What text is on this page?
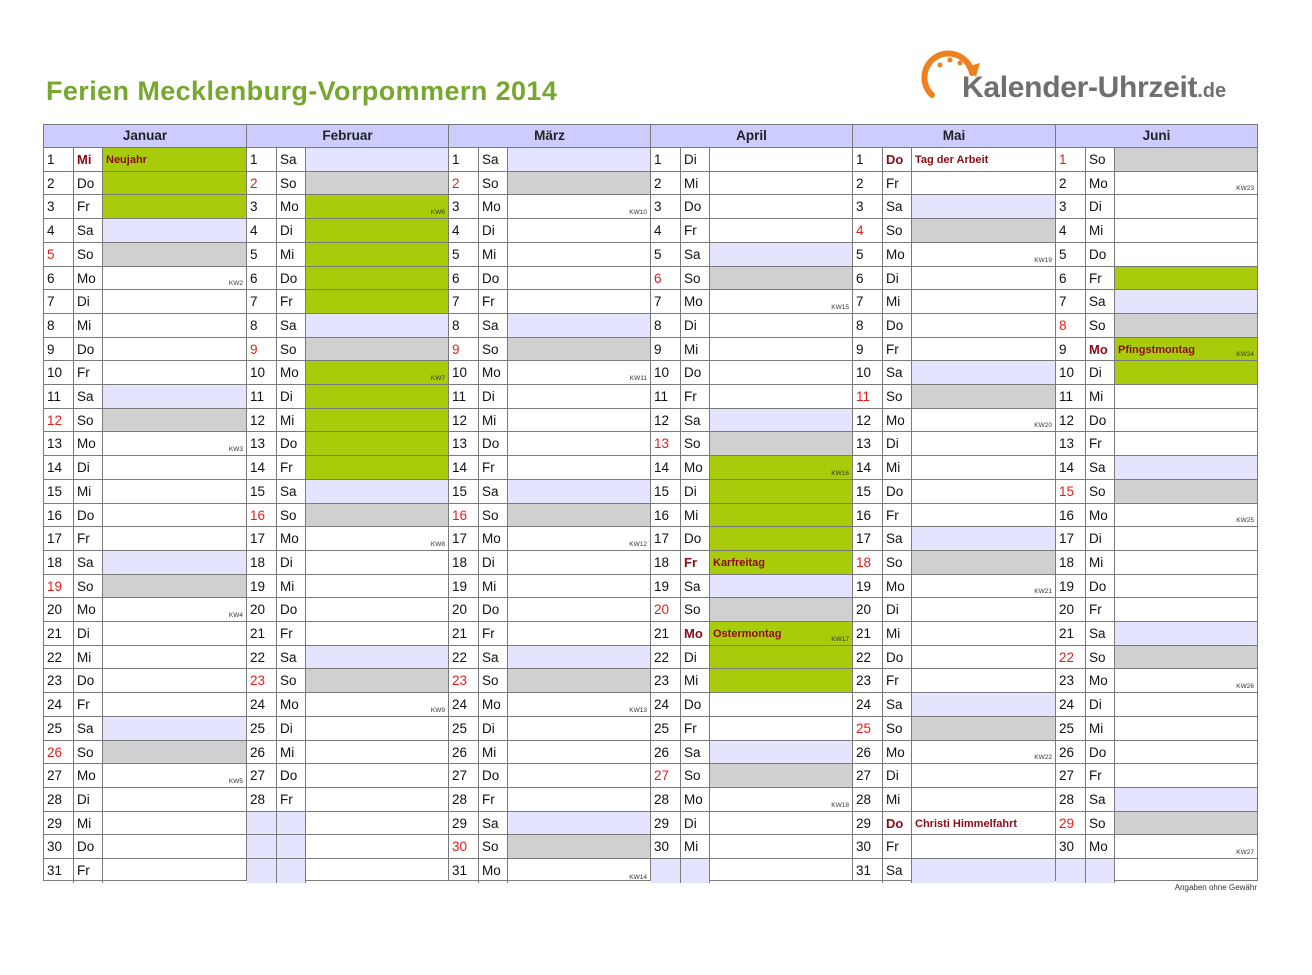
Ferien Mecklenburg-Vorpommern 2014	Kalender-Uhrzeit.de
Januar
1	Mi	Neujahr
2	Do
3	Fr
4	Sa
5	So
6	Mo	KW2
7	Di
8	Mi
9	Do
10	Fr
11	Sa
12	So
13	Mo	KW3
14	Di
15	Mi
16	Do
17	Fr
18	Sa
19	So
20	Mo	KW4
21	Di
22	Mi
23	Do
24	Fr
25	Sa
26	So
27	Mo	KW5
28	Di
29	Mi
30	Do
31	Fr
Februar
1	Sa
2	So
3	Mo	KW6
4	Di
5	Mi
6	Do
7	Fr
8	Sa
9	So
10	Mo	KW7
11	Di
12	Mi
13	Do
14	Fr
15	Sa
16	So
17	Mo	KW8
18	Di
19	Mi
20	Do
21	Fr
22	Sa
23	So
24	Mo	KW9
25	Di
26	Mi
27	Do
28	Fr
März
1	Sa
2	So
3	Mo	KW10
4	Di
5	Mi
6	Do
7	Fr
8	Sa
9	So
10	Mo	KW11
11	Di
12	Mi
13	Do
14	Fr
15	Sa
16	So
17	Mo	KW12
18	Di
19	Mi
20	Do
21	Fr
22	Sa
23	So
24	Mo	KW13
25	Di
26	Mi
27	Do
28	Fr
29	Sa
30	So
31	Mo	KW14
April
1	Di
2	Mi
3	Do
4	Fr
5	Sa
6	So
7	Mo	KW15
8	Di
9	Mi
10	Do
11	Fr
12	Sa
13	So
14	Mo	KW16
15	Di
16	Mi
17	Do
18	Fr	Karfreitag
19	Sa
20	So
21	Mo Ostermontag	KW17
22	Di
23	Mi
24	Do
25	Fr
26	Sa
27	So
28	Mo	KW18
29	Di
30	Mi
Mai
1	Do	Tag der Arbeit
2	Fr
3	Sa
4	So
5	Mo	KW19
6	Di
7	Mi
8	Do
9	Fr
10	Sa
11	So
12	Mo	KW20
13	Di
14	Mi
15	Do
16	Fr
17	Sa
18	So
19	Mo	KW21
20	Di
21	Mi
22	Do
23	Fr
24	Sa
25	So
26	Mo	KW22
27	Di
28	Mi
29	Do	Christi Himmelfahrt
30	Fr
31	Sa
Juni
1	So
2	Mo	KW23
3	Di
4	Mi
5	Do
6	Fr
7	Sa
8	So
9	Mo Pfingstmontag	KW24
10	Di
11	Mi
12	Do
13	Fr
14	Sa
15	So
16	Mo	KW25
17	Di
18	Mi
19	Do
20	Fr
21	Sa
22	So
23	Mo	KW26
24	Di
25	Mi
26	Do
27	Fr
28	Sa
29	So
30	Mo	KW27
Angaben ohne Gewähr
